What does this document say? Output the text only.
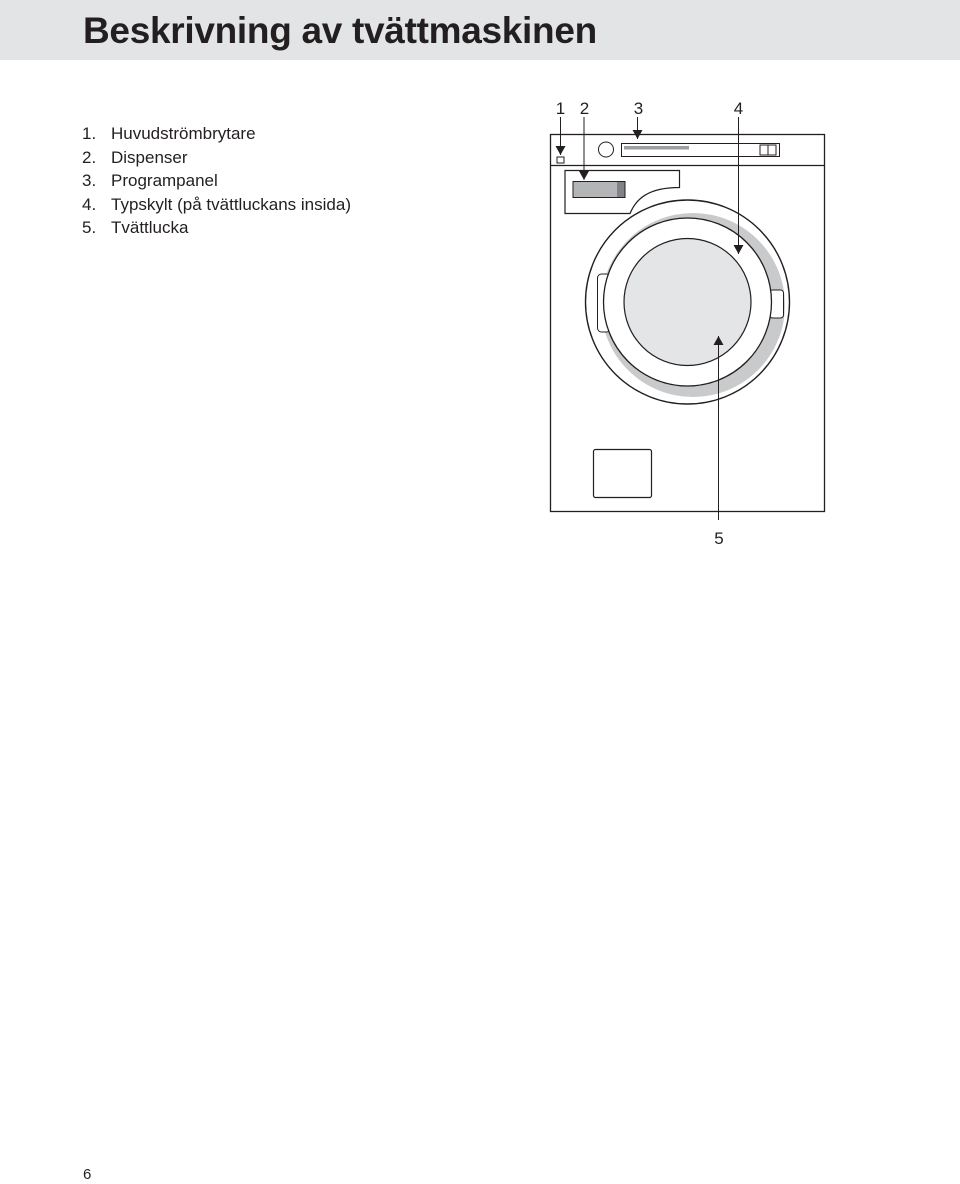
Beskrivning av tvättmaskinen
1. Huvudströmbrytare
2. Dispenser
3. Programpanel
4. Typskylt (på tvättluckans insida)
5. Tvättlucka
1 2	3	4
5
6
